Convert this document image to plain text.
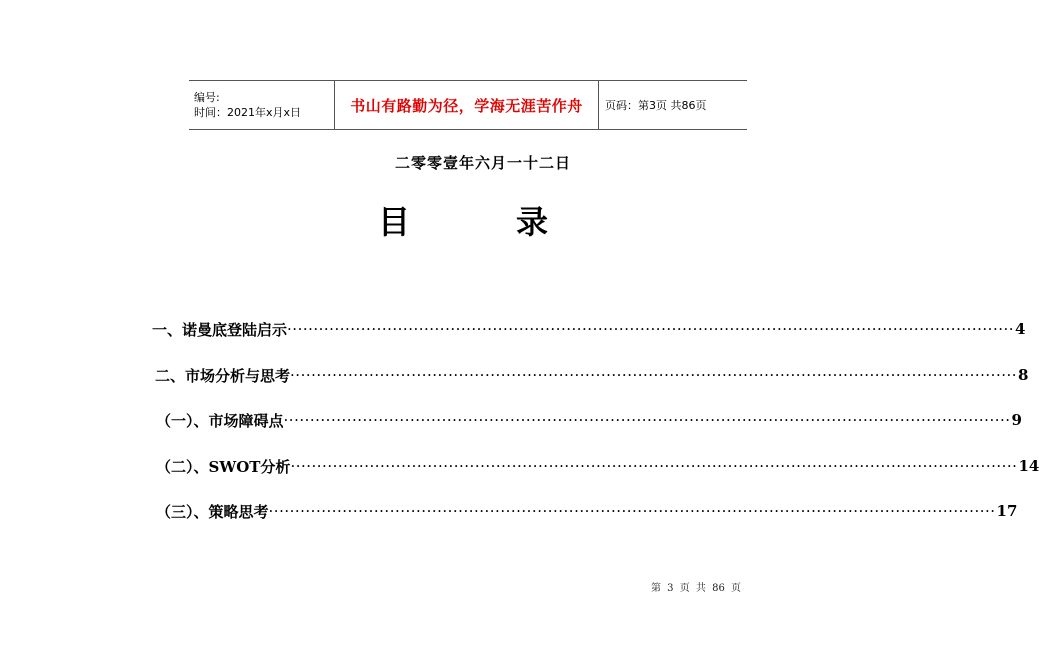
编号:
时间：2021年x月x日	书山有路勤为径，学海无涯苦作舟 页码：第3页 共86页
二零零壹年六月一十二日
目	录
一、 诺曼底登陆启示 ·········································································································································· 4
二、 市场分析与思考 ·········································································································································· 8
（一）、 市场障碍点 ·········································································································································· 9
（二）、 SWOT分析 ·········································································································································· 14
（三）、 策略思考 ·········································································································································· 17
第 3 页 共 86 页
